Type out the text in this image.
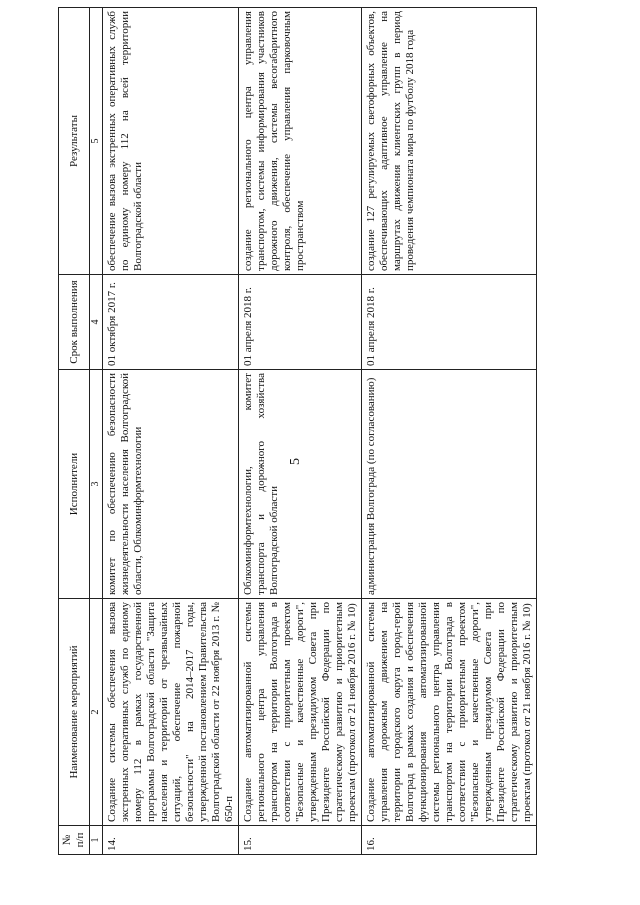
5
№ п/п	Наименование мероприятий	Исполнители	Срок выполнения	Результаты
1	2	3	4	5
14.	Создание системы обеспечения вызова экстренных оперативных служб по единому номеру 112 в рамках государственной программы Волгоградской области "Защита населения и территорий от чрезвычайных ситуаций, обеспечение пожарной безопасности" на 2014–2017 годы, утвержденной постановлением Правительства Волгоградской области от 22 ноября 2013 г. № 650-п	комитет по обеспечению безопасности жизнедеятельности населения Волгоградской области, Облкоминформтехнологии	01 октября 2017 г.	обеспечение вызова экстренных оперативных служб по единому номеру 112 на всей территории Волгоградской области
15.	Создание автоматизированной системы регионального центра управления транспортом на территории Волгограда в соответствии с приоритетным проектом "Безопасные и качественные дороги", утвержденным президиумом Совета при Президенте Российской Федерации по стратегическому развитию и приоритетным проектам (протокол от 21 ноября 2016 г. № 10)	Облкоминформтехнологии, комитет транспорта и дорожного хозяйства Волгоградской области	01 апреля 2018 г.	создание регионального центра управления транспортом, системы информирования участников дорожного движения, системы весогабаритного контроля, обеспечение управления парковочным пространством
16.	Создание автоматизированной системы управления дорожным движением на территории городского округа город-герой Волгоград в рамках создания и обеспечения функционирования автоматизированной системы регионального центра управления транспортом на территории Волгограда в соответствии с приоритетным проектом "Безопасные и качественные дороги", утвержденным президиумом Совета при Президенте Российской Федерации по стратегическому развитию и приоритетным проектам (протокол от 21 ноября 2016 г. № 10)	администрация Волгограда (по согласованию)	01 апреля 2018 г.	создание 127 регулируемых светофорных объектов, обеспечивающих адаптивное управление на маршрутах движения клиентских групп в период проведения чемпионата мира по футболу 2018 года
